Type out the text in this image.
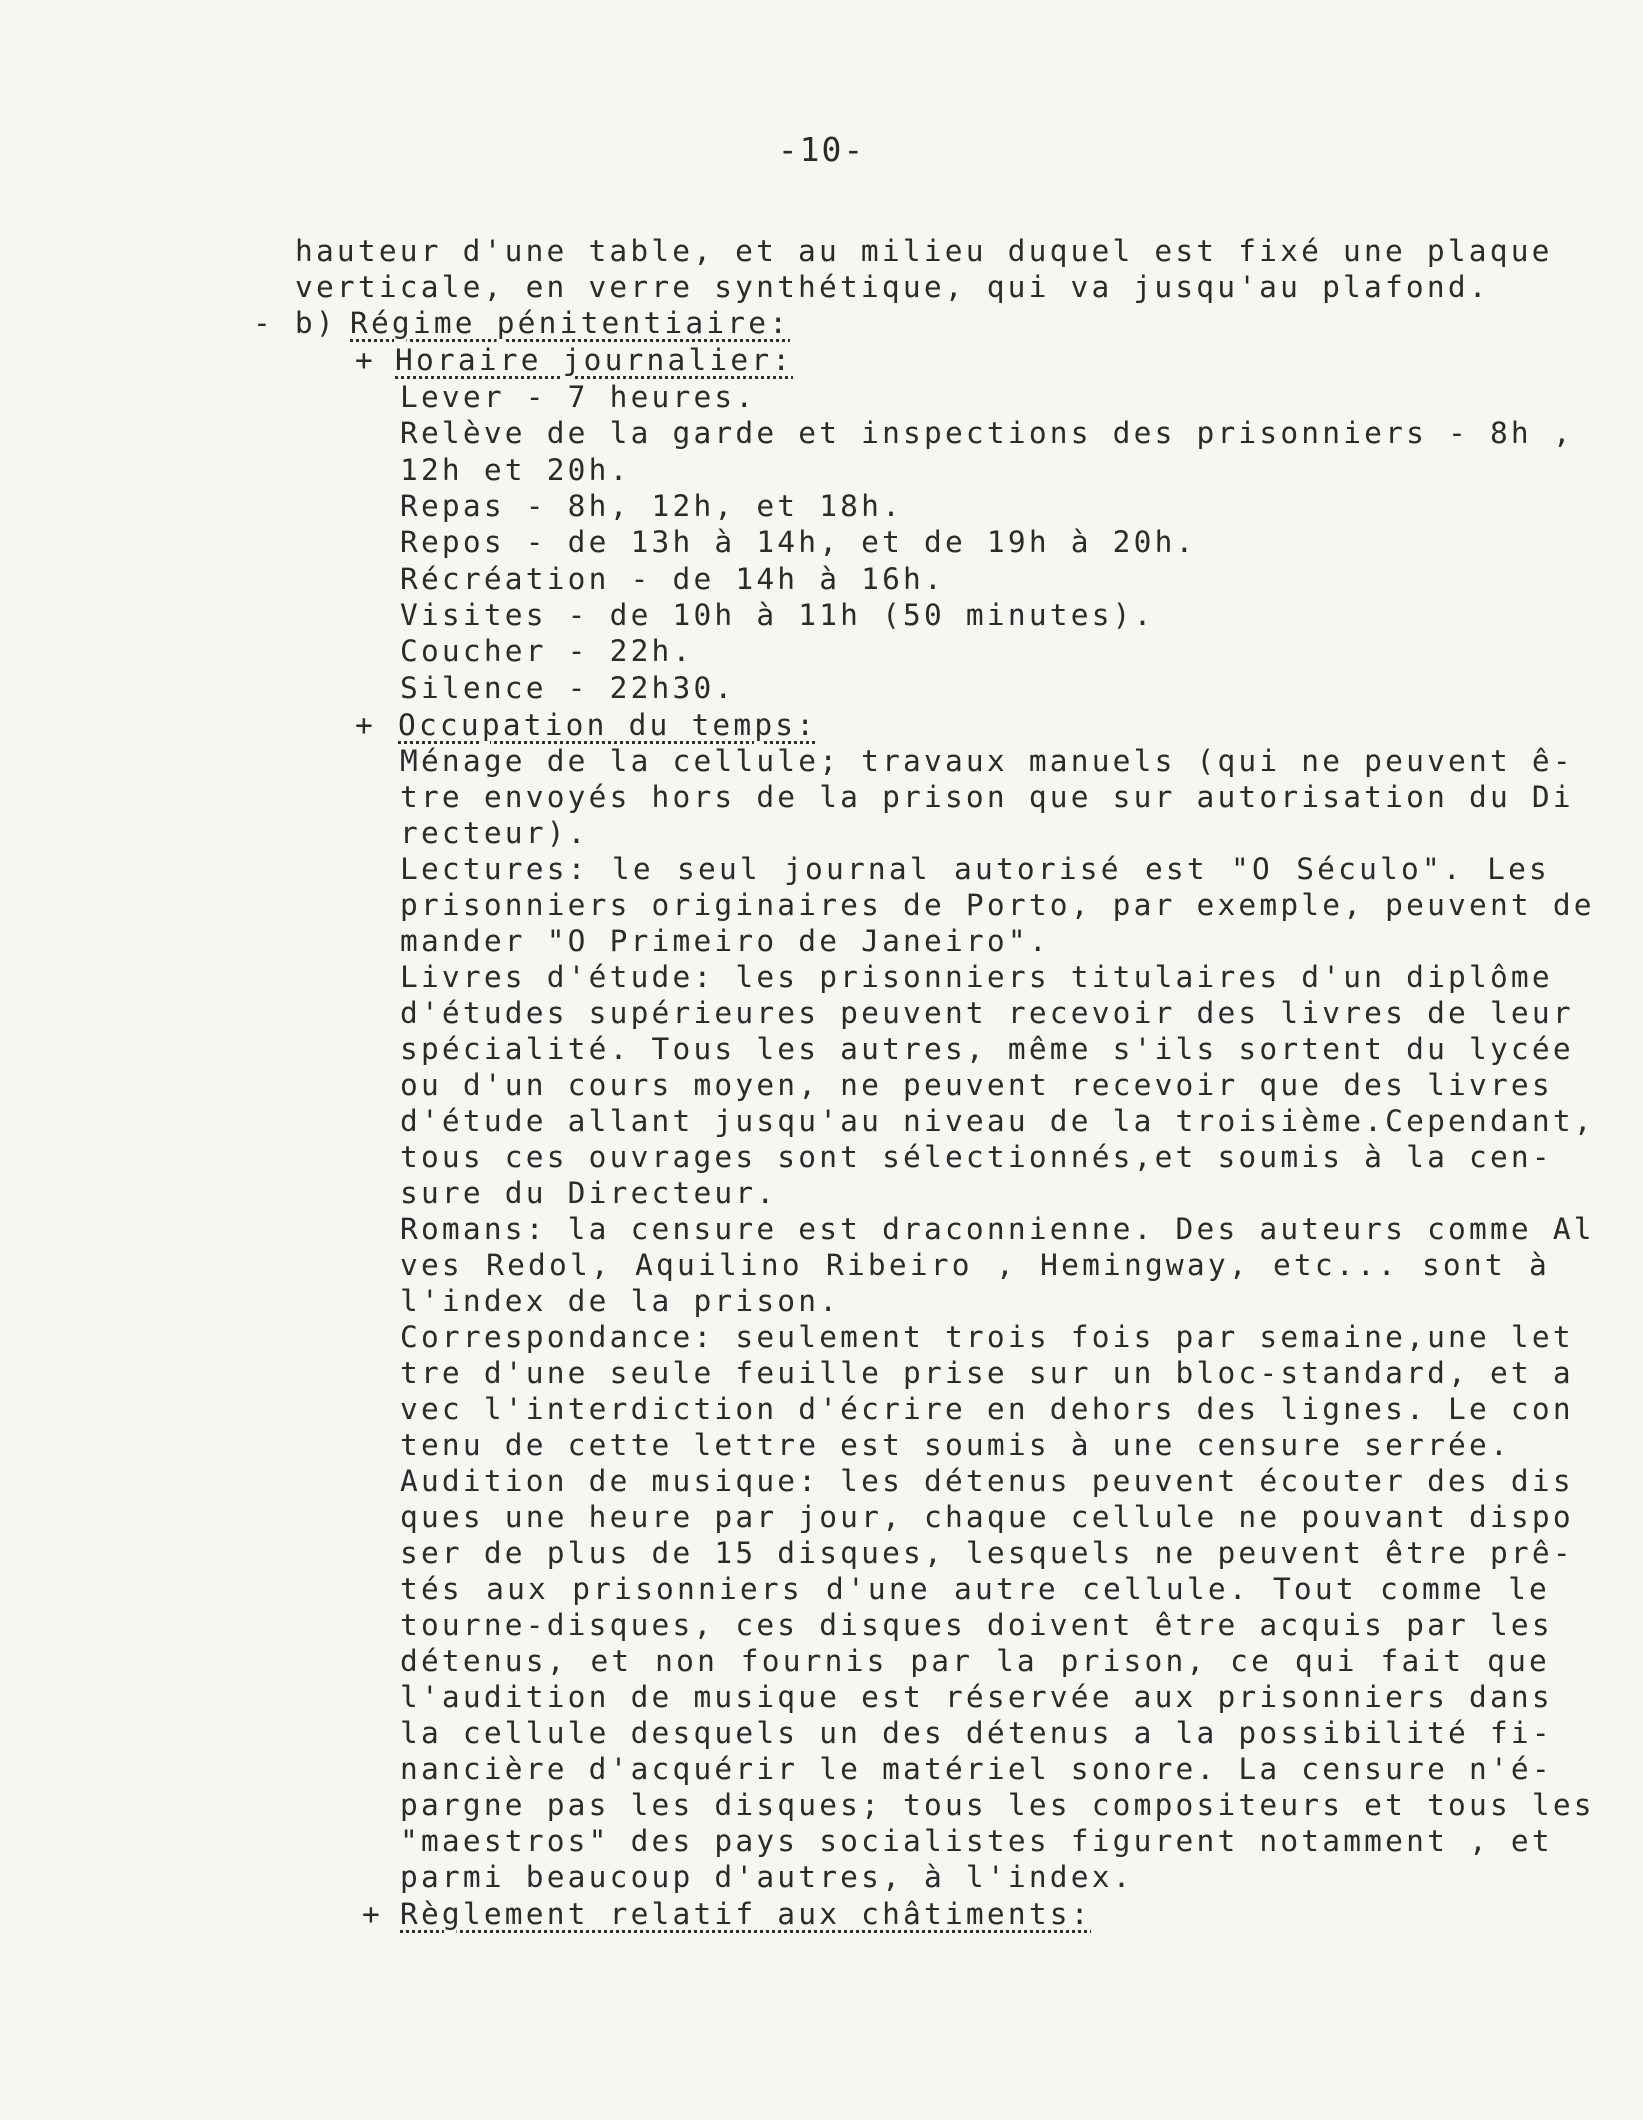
-10-
hauteur d'une table, et au milieu duquel est fixé une plaque
verticale, en verre synthétique, qui va jusqu'au plafond.
- b) Régime pénitentiaire:
+ Horaire journalier:
Lever - 7 heures.
Relève de la garde et inspections des prisonniers - 8h ,
12h et 20h.
Repas - 8h, 12h, et 18h.
Repos - de 13h à 14h, et de 19h à 20h.
Récréation - de 14h à 16h.
Visites - de 10h à 11h (50 minutes).
Coucher - 22h.
Silence - 22h30.
+ Occupation du temps:
Ménage de la cellule; travaux manuels (qui ne peuvent ê-
tre envoyés hors de la prison que sur autorisation du Di
recteur).
Lectures: le seul journal autorisé est "O Século". Les
prisonniers originaires de Porto, par exemple, peuvent de
mander "O Primeiro de Janeiro".
Livres d'étude: les prisonniers titulaires d'un diplôme
d'études supérieures peuvent recevoir des livres de leur
spécialité. Tous les autres, même s'ils sortent du lycée
ou d'un cours moyen, ne peuvent recevoir que des livres
d'étude allant jusqu'au niveau de la troisième.Cependant,
tous ces ouvrages sont sélectionnés,et soumis à la cen-
sure du Directeur.
Romans: la censure est draconnienne. Des auteurs comme Al
ves Redol, Aquilino Ribeiro , Hemingway, etc... sont à
l'index de la prison.
Correspondance: seulement trois fois par semaine,une let
tre d'une seule feuille prise sur un bloc-standard, et a
vec l'interdiction d'écrire en dehors des lignes. Le con
tenu de cette lettre est soumis à une censure serrée.
Audition de musique: les détenus peuvent écouter des dis
ques une heure par jour, chaque cellule ne pouvant dispo
ser de plus de 15 disques, lesquels ne peuvent être prê-
tés aux prisonniers d'une autre cellule. Tout comme le
tourne-disques, ces disques doivent être acquis par les
détenus, et non fournis par la prison, ce qui fait que
l'audition de musique est réservée aux prisonniers dans
la cellule desquels un des détenus a la possibilité fi-
nancière d'acquérir le matériel sonore. La censure n'é-
pargne pas les disques; tous les compositeurs et tous les
"maestros" des pays socialistes figurent notamment , et
parmi beaucoup d'autres, à l'index.
+ Règlement relatif aux châtiments:
